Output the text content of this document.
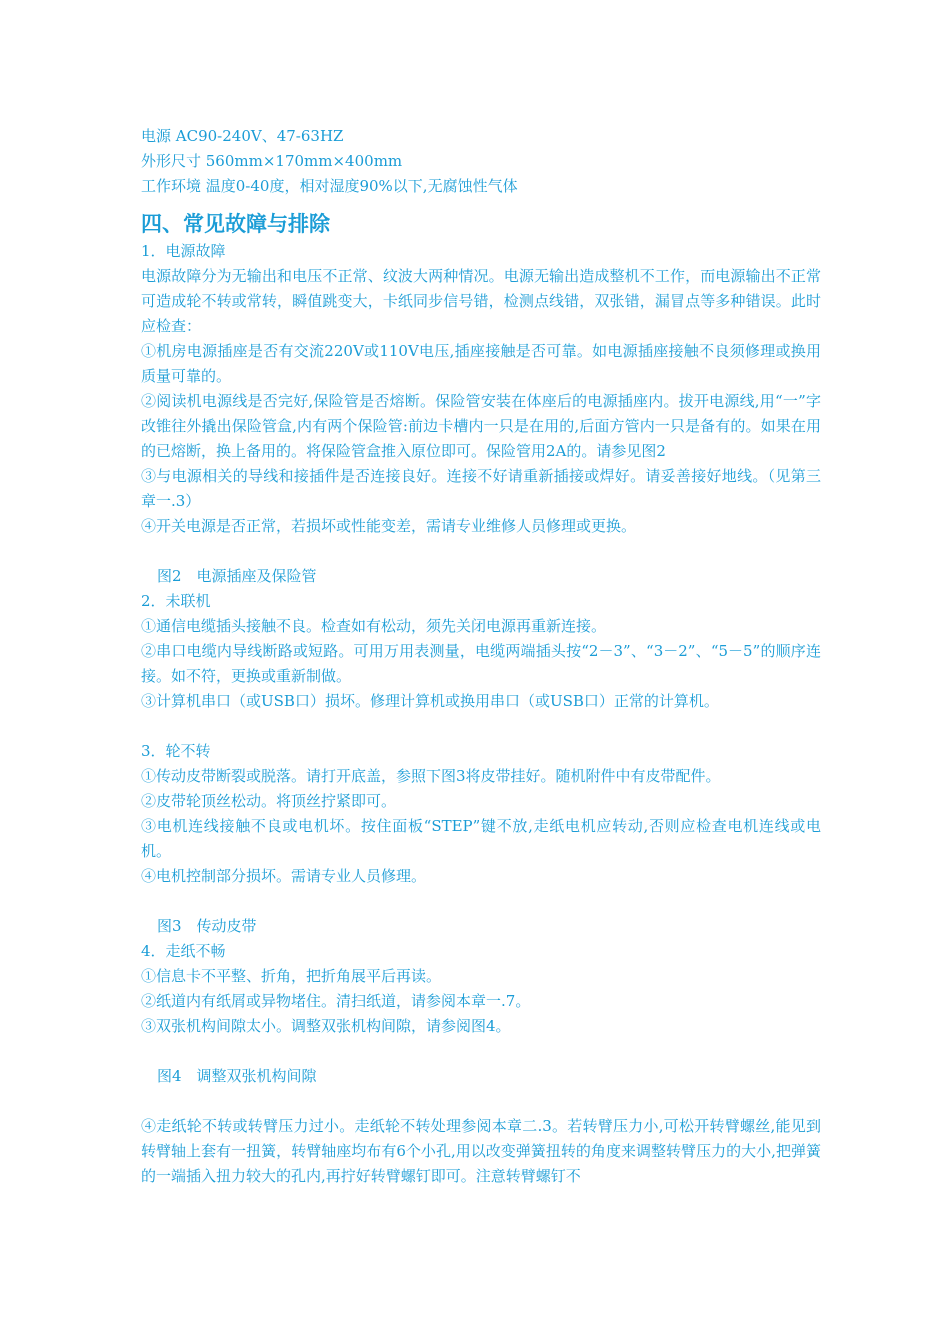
电源 AC90-240V、47-63HZ
外形尺寸 560mm×170mm×400mm
工作环境 温度0-40度，相对湿度90%以下,无腐蚀性气体
四、常见故障与排除
1．电源故障
电源故障分为无输出和电压不正常、纹波大两种情况。电源无输出造成整机不工作，而电源输出不正常可造成轮不转或常转，瞬值跳变大，卡纸同步信号错，检测点线错，双张错，漏冒点等多种错误。此时应检查：
①机房电源插座是否有交流220V或110V电压,插座接触是否可靠。如电源插座接触不良须修理或换用质量可靠的。
②阅读机电源线是否完好,保险管是否熔断。保险管安装在体座后的电源插座内。拔开电源线,用“一”字改锥往外撬出保险管盒,内有两个保险管:前边卡槽内一只是在用的,后面方管内一只是备有的。如果在用的已熔断，换上备用的。将保险管盒推入原位即可。保险管用2A的。请参见图2
③与电源相关的导线和接插件是否连接良好。连接不好请重新插接或焊好。请妥善接好地线。（见第三章一.3）
④开关电源是否正常，若损坏或性能变差，需请专业维修人员修理或更换。
图2　电源插座及保险管
2．未联机
①通信电缆插头接触不良。检查如有松动，须先关闭电源再重新连接。
②串口电缆内导线断路或短路。可用万用表测量，电缆两端插头按“2－3”、“3－2”、“5－5”的顺序连接。如不符，更换或重新制做。
③计算机串口（或USB口）损坏。修理计算机或换用串口（或USB口）正常的计算机。
3．轮不转
①传动皮带断裂或脱落。请打开底盖，参照下图3将皮带挂好。随机附件中有皮带配件。
②皮带轮顶丝松动。将顶丝拧紧即可。
③电机连线接触不良或电机坏。按住面板“STEP”键不放,走纸电机应转动,否则应检查电机连线或电机。
④电机控制部分损坏。需请专业人员修理。
图3　传动皮带
4．走纸不畅
①信息卡不平整、折角，把折角展平后再读。
②纸道内有纸屑或异物堵住。清扫纸道，请参阅本章一.7。
③双张机构间隙太小。调整双张机构间隙，请参阅图4。
图4　调整双张机构间隙
④走纸轮不转或转臂压力过小。走纸轮不转处理参阅本章二.3。若转臂压力小,可松开转臂螺丝,能见到转臂轴上套有一扭簧，转臂轴座均布有6个小孔,用以改变弹簧扭转的角度来调整转臂压力的大小,把弹簧的一端插入扭力较大的孔内,再拧好转臂螺钉即可。注意转臂螺钉不
